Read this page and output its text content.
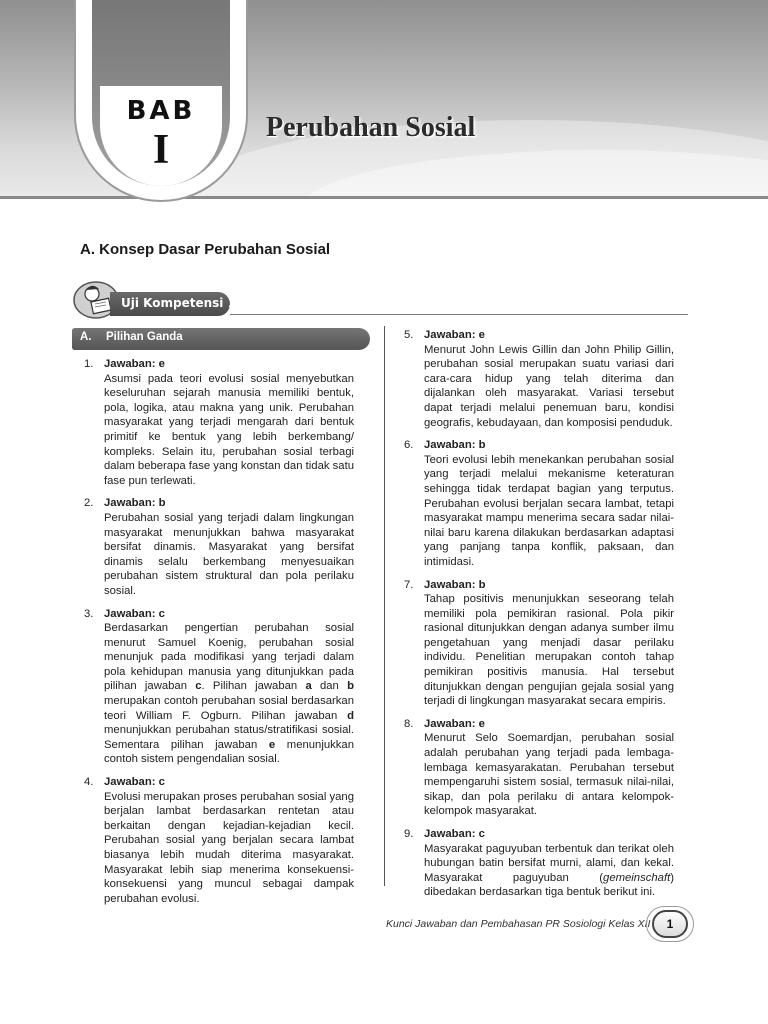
BAB
I	Perubahan Sosial
A. Konsep Dasar Perubahan Sosial
Uji Kompetensi 1
A. Pilihan Ganda
1. Jawaban: e
Asumsi pada teori evolusi sosial menyebutkan keseluruhan sejarah manusia memiliki bentuk, pola, logika, atau makna yang unik. Perubahan masyarakat yang terjadi mengarah dari bentuk primitif ke bentuk yang lebih berkembang/ kompleks. Selain itu, perubahan sosial terbagi dalam beberapa fase yang konstan dan tidak satu fase pun terlewati.
2. Jawaban: b
Perubahan sosial yang terjadi dalam lingkungan masyarakat menunjukkan bahwa masyarakat bersifat dinamis. Masyarakat yang bersifat dinamis selalu berkembang menyesuaikan perubahan sistem struktural dan pola perilaku sosial.
3. Jawaban: c
Berdasarkan pengertian perubahan sosial menurut Samuel Koenig, perubahan sosial menunjuk pada modifikasi yang terjadi dalam pola kehidupan manusia yang ditunjukkan pada pilihan jawaban c. Pilihan jawaban a dan b merupakan contoh perubahan sosial berdasarkan teori William F. Ogburn. Pilihan jawaban d menunjukkan perubahan status/stratifikasi sosial. Sementara pilihan jawaban e menunjukkan contoh sistem pengendalian sosial.
4. Jawaban: c
Evolusi merupakan proses perubahan sosial yang berjalan lambat berdasarkan rentetan atau berkaitan dengan kejadian-kejadian kecil. Perubahan sosial yang berjalan secara lambat biasanya lebih mudah diterima masyarakat. Masyarakat lebih siap menerima konsekuensi-konsekuensi yang muncul sebagai dampak perubahan evolusi.
5. Jawaban: e
Menurut John Lewis Gillin dan John Philip Gillin, perubahan sosial merupakan suatu variasi dari cara-cara hidup yang telah diterima dan dijalankan oleh masyarakat. Variasi tersebut dapat terjadi melalui penemuan baru, kondisi geografis, kebudayaan, dan komposisi penduduk.
6. Jawaban: b
Teori evolusi lebih menekankan perubahan sosial yang terjadi melalui mekanisme keteraturan sehingga tidak terdapat bagian yang terputus. Perubahan evolusi berjalan secara lambat, tetapi masyarakat mampu menerima secara sadar nilai-nilai baru karena dilakukan berdasarkan adaptasi yang panjang tanpa konflik, paksaan, dan intimidasi.
7. Jawaban: b
Tahap positivis menunjukkan seseorang telah memiliki pola pemikiran rasional. Pola pikir rasional ditunjukkan dengan adanya sumber ilmu pengetahuan yang menjadi dasar perilaku individu. Penelitian merupakan contoh tahap pemikiran positivis manusia. Hal tersebut ditunjukkan dengan pengujian gejala sosial yang terjadi di lingkungan masyarakat secara empiris.
8. Jawaban: e
Menurut Selo Soemardjan, perubahan sosial adalah perubahan yang terjadi pada lembaga-lembaga kemasyarakatan. Perubahan tersebut mempengaruhi sistem sosial, termasuk nilai-nilai, sikap, dan pola perilaku di antara kelompok-kelompok masyarakat.
9. Jawaban: c
Masyarakat paguyuban terbentuk dan terikat oleh hubungan batin bersifat murni, alami, dan kekal. Masyarakat paguyuban (gemeinschaft) dibedakan berdasarkan tiga bentuk berikut ini.
Kunci Jawaban dan Pembahasan PR Sosiologi Kelas XII	1
